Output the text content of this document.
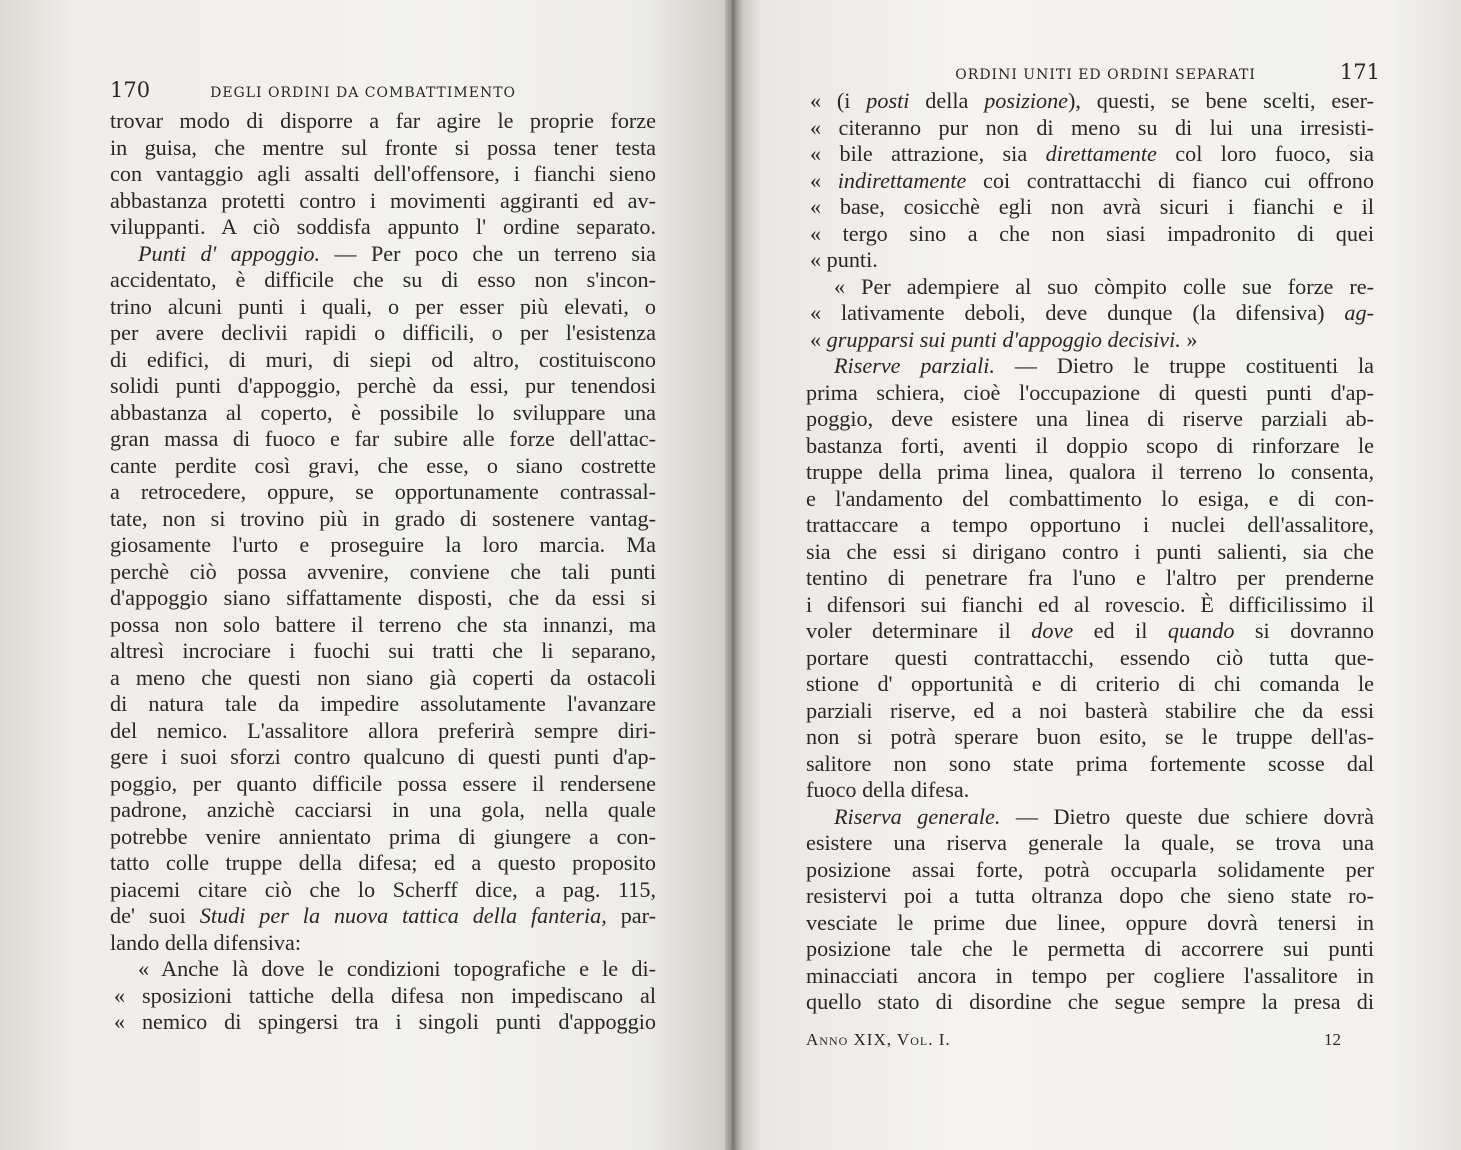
170	DEGLI ORDINI DA COMBATTIMENTO
trovar modo di disporre a far agire le proprie forze
in guisa, che mentre sul fronte si possa tener testa
con vantaggio agli assalti dell'offensore, i fianchi sieno
abbastanza protetti contro i movimenti aggiranti ed av-
viluppanti. A ciò soddisfa appunto l' ordine separato.
Punti d' appoggio. — Per poco che un terreno sia
accidentato, è difficile che su di esso non s'incon-
trino alcuni punti i quali, o per esser più elevati, o
per avere declivii rapidi o difficili, o per l'esistenza
di edifici, di muri, di siepi od altro, costituiscono
solidi punti d'appoggio, perchè da essi, pur tenendosi
abbastanza al coperto, è possibile lo sviluppare una
gran massa di fuoco e far subire alle forze dell'attac-
cante perdite così gravi, che esse, o siano costrette
a retrocedere, oppure, se opportunamente contrassal-
tate, non si trovino più in grado di sostenere vantag-
giosamente l'urto e proseguire la loro marcia. Ma
perchè ciò possa avvenire, conviene che tali punti
d'appoggio siano siffattamente disposti, che da essi si
possa non solo battere il terreno che sta innanzi, ma
altresì incrociare i fuochi sui tratti che li separano,
a meno che questi non siano già coperti da ostacoli
di natura tale da impedire assolutamente l'avanzare
del nemico. L'assalitore allora preferirà sempre diri-
gere i suoi sforzi contro qualcuno di questi punti d'ap-
poggio, per quanto difficile possa essere il rendersene
padrone, anzichè cacciarsi in una gola, nella quale
potrebbe venire annientato prima di giungere a con-
tatto colle truppe della difesa; ed a questo proposito
piacemi citare ciò che lo Scherff dice, a pag. 115,
de' suoi Studi per la nuova tattica della fanteria, par-
lando della difensiva:
« Anche là dove le condizioni topografiche e le di-
« sposizioni tattiche della difesa non impediscano al
« nemico di spingersi tra i singoli punti d'appoggio
ORDINI UNITI ED ORDINI SEPARATI	171
« (i posti della posizione), questi, se bene scelti, eser-
« citeranno pur non di meno su di lui una irresisti-
« bile attrazione, sia direttamente col loro fuoco, sia
« indirettamente coi contrattacchi di fianco cui offrono
« base, cosicchè egli non avrà sicuri i fianchi e il
« tergo sino a che non siasi impadronito di quei
« punti.
« Per adempiere al suo còmpito colle sue forze re-
« lativamente deboli, deve dunque (la difensiva) ag-
« grupparsi sui punti d'appoggio decisivi. »
Riserve parziali. — Dietro le truppe costituenti la
prima schiera, cioè l'occupazione di questi punti d'ap-
poggio, deve esistere una linea di riserve parziali ab-
bastanza forti, aventi il doppio scopo di rinforzare le
truppe della prima linea, qualora il terreno lo consenta,
e l'andamento del combattimento lo esiga, e di con-
trattaccare a tempo opportuno i nuclei dell'assalitore,
sia che essi si dirigano contro i punti salienti, sia che
tentino di penetrare fra l'uno e l'altro per prenderne
i difensori sui fianchi ed al rovescio. È difficilissimo il
voler determinare il dove ed il quando si dovranno
portare questi contrattacchi, essendo ciò tutta que-
stione d' opportunità e di criterio di chi comanda le
parziali riserve, ed a noi basterà stabilire che da essi
non si potrà sperare buon esito, se le truppe dell'as-
salitore non sono state prima fortemente scosse dal
fuoco della difesa.
Riserva generale. — Dietro queste due schiere dovrà
esistere una riserva generale la quale, se trova una
posizione assai forte, potrà occuparla solidamente per
resistervi poi a tutta oltranza dopo che sieno state ro-
vesciate le prime due linee, oppure dovrà tenersi in
posizione tale che le permetta di accorrere sui punti
minacciati ancora in tempo per cogliere l'assalitore in
quello stato di disordine che segue sempre la presa di
Anno XIX, Vol. I.	12
